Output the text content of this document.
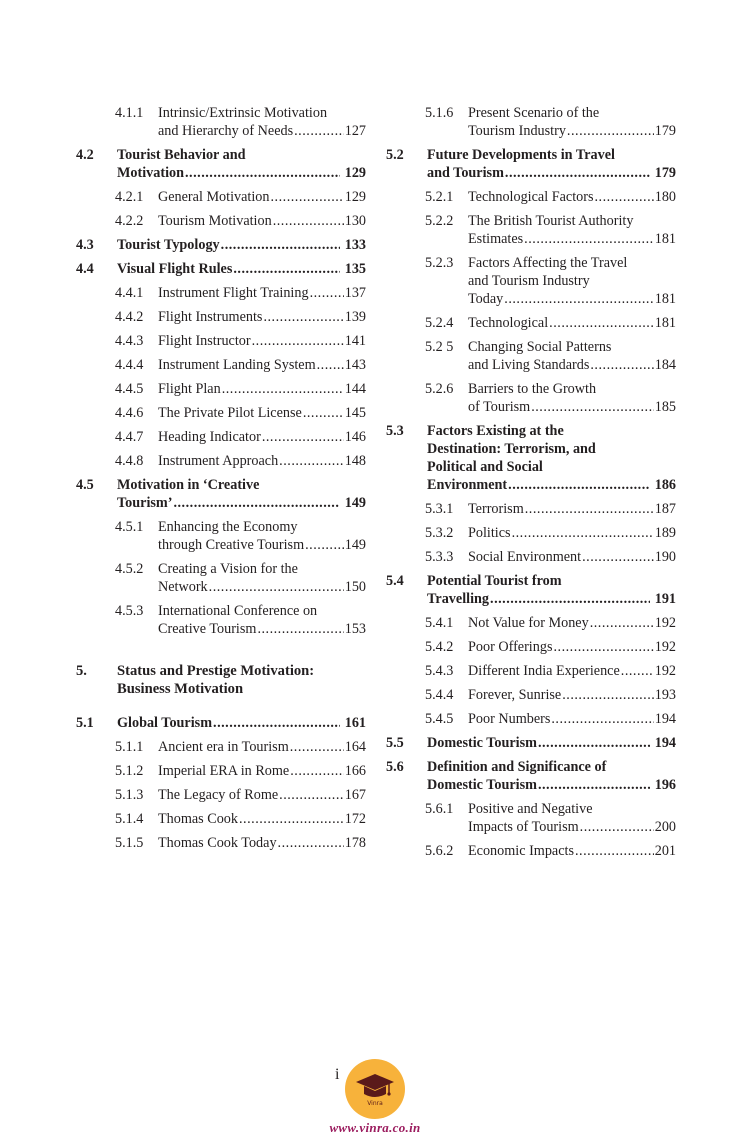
4.1.1 Intrinsic/Extrinsic Motivation
and Hierarchy of Needs .....	127
4.2 Tourist Behavior and
Motivation .....	129
4.2.1 General Motivation .....	129
4.2.2 Tourism Motivation .....	130
4.3 Tourist Typology .....	133
4.4 Visual Flight Rules .....	135
4.4.1 Instrument Flight Training .....	137
4.4.2 Flight Instruments .....	139
4.4.3 Flight Instructor .....	141
4.4.4 Instrument Landing System ..... 143
4.4.5 Flight Plan .....	144
4.4.6 The Private Pilot License .....	145
4.4.7 Heading Indicator .....	146
4.4.8 Instrument Approach .....	148
4.5 Motivation in ‘Creative
Tourism’ .....	149
4.5.1 Enhancing the Economy
through Creative Tourism .....	149
4.5.2 Creating a Vision for the
Network .....	150
4.5.3 International Conference on
Creative Tourism .....	153
5. Status and Prestige Motivation:
Business Motivation
5.1 Global Tourism .....	161
5.1.1 Ancient era in Tourism .....	164
5.1.2 Imperial ERA in Rome .....	166
5.1.3 The Legacy of Rome .....	167
5.1.4 Thomas Cook .....	172
5.1.5 Thomas Cook Today .....	178
5.1.6 Present Scenario of the
Tourism Industry .....	179
5.2 Future Developments in Travel
and Tourism .....	179
5.2.1 Technological Factors .....	180
5.2.2 The British Tourist Authority
Estimates .....	181
5.2.3 Factors Affecting the Travel
and Tourism Industry
Today .....	181
5.2.4 Technological .....	181
5.2 5 Changing Social Patterns
and Living Standards .....	184
5.2.6 Barriers to the Growth
of Tourism .....	185
5.3 Factors Existing at the
Destination: Terrorism, and
Political and Social
Environment .....	186
5.3.1 Terrorism .....	187
5.3.2 Politics .....	189
5.3.3 Social Environment .....	190
5.4 Potential Tourist from
Travelling .....	191
5.4.1 Not Value for Money .....	192
5.4.2 Poor Offerings .....	192
5.4.3 Different India Experience ..... 192
5.4.4 Forever, Sunrise .....	193
5.4.5 Poor Numbers .....	194
5.5 Domestic Tourism .....	194
5.6 Definition and Significance of
Domestic Tourism .....	196
5.6.1 Positive and Negative
Impacts of Tourism .....	200
5.6.2 Economic Impacts .....	201
i
Vinra
www.vinra.co.in
